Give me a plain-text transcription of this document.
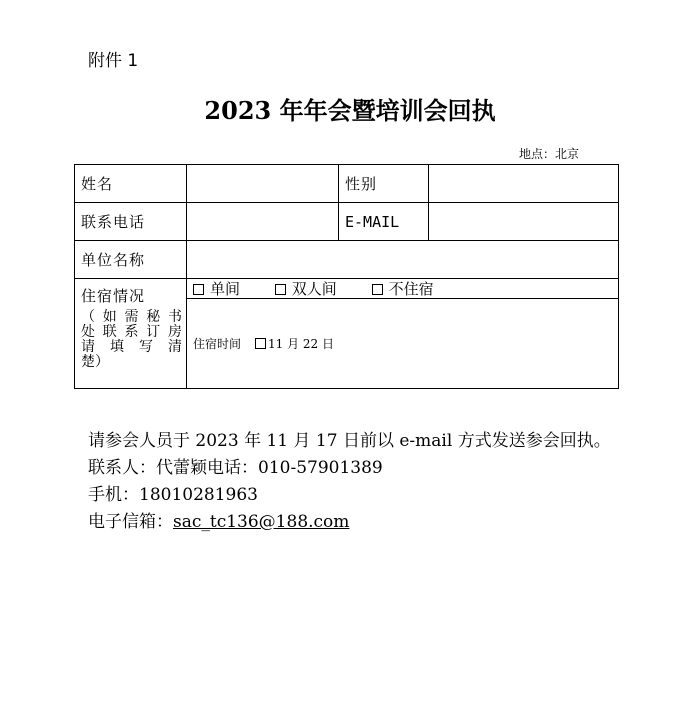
附件 1
2023 年年会暨培训会回执
地点：北京
姓名		性别	
联系电话		E-MAIL	
单位名称			

住宿情况
（如需秘书
处联系订房
请 填 写 清
楚）	单间 双人间 不住宿		
	住宿时间 11 月 22 日		
请参会人员于 2023 年 11 月 17 日前以 e-mail 方式发送参会回执。
联系人：代蕾颖电话：010-57901389
手机：18010281963
电子信箱：sac_tc136@188.com
